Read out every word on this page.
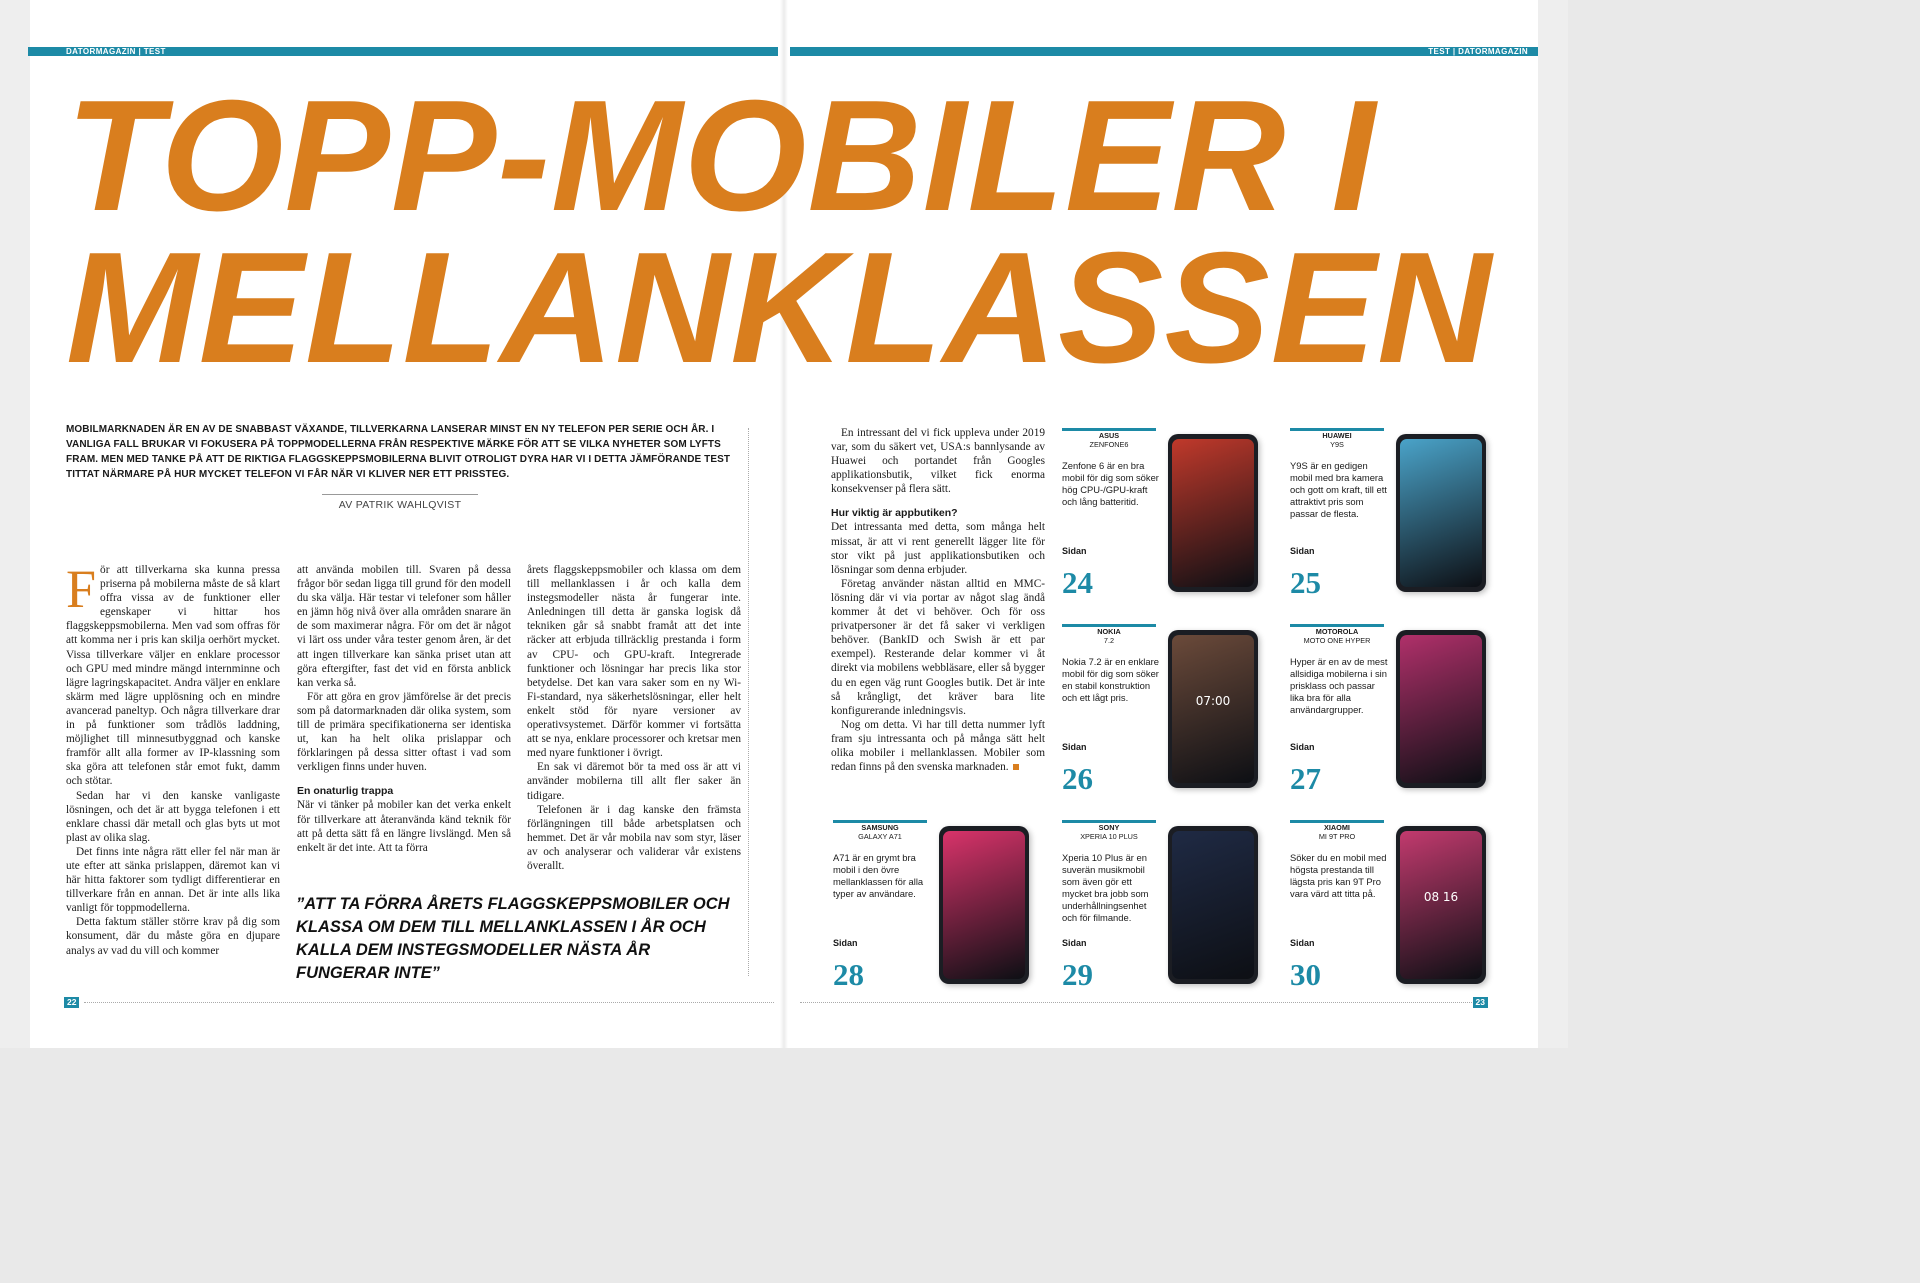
DATORMAGAZIN | TEST	TEST | DATORMAGAZIN
TOPP-MOBILER I
MELLANKLASSEN

MOBILMARKNADEN ÄR EN AV DE SNABBAST VÄXANDE, TILLVERKARNA LANSERAR MINST EN NY TELEFON PER SERIE OCH ÅR. I VANLIGA FALL BRUKAR VI FOKUSERA PÅ TOPPMODELLERNA FRÅN RESPEKTIVE MÄRKE FÖR ATT SE VILKA NYHETER SOM LYFTS FRAM. MEN MED TANKE PÅ ATT DE RIKTIGA FLAGGSKEPPSMOBILERNA BLIVIT OTROLIGT DYRA HAR VI I DETTA JÄMFÖRANDE TEST TITTAT NÄRMARE PÅ HUR MYCKET TELEFON VI FÅR NÄR VI KLIVER NER ETT PRISSTEG.

AV PATRIK WAHLQVIST
F ör att tillverkarna ska kunna pressa priserna på mobilerna måste de så klart offra vissa av de funktioner eller egenskaper vi hittar hos flaggskeppsmobilerna. Men vad som offras för att komma ner i pris kan skilja oerhört mycket. Vissa tillverkare väljer en enklare processor och GPU med mindre mängd internminne och lägre lagringskapacitet. Andra väljer en enklare skärm med lägre upplösning och en mindre avancerad paneltyp. Och några tillverkare drar in på funktioner som trådlös laddning, möjlighet till minnesutbyggnad och kanske framför allt alla former av IP-klassning som ska göra att telefonen står emot fukt, damm och stötar.

Sedan har vi den kanske vanligaste lösningen, och det är att bygga telefonen i ett enklare chassi där metall och glas byts ut mot plast av olika slag.

Det finns inte några rätt eller fel när man är ute efter att sänka prislappen, däremot kan vi här hitta faktorer som tydligt differentierar en tillverkare från en annan. Det är inte alls lika vanligt för toppmodellerna.

Detta faktum ställer större krav på dig som konsument, där du måste göra en djupare analys av vad du vill och kommer

att använda mobilen till. Svaren på dessa frågor bör sedan ligga till grund för den modell du ska välja. Här testar vi telefoner som håller en jämn hög nivå över alla områden snarare än de som maximerar några. För om det är något vi lärt oss under våra tester genom åren, är det att ingen tillverkare kan sänka priset utan att göra eftergifter, fast det vid en första anblick kan verka så.

För att göra en grov jämförelse är det precis som på datormarknaden där olika system, som till de primära specifikationerna ser identiska ut, kan ha helt olika prislappar och förklaringen på dessa sitter oftast i vad som verkligen finns under huven.

En onaturlig trappa

När vi tänker på mobiler kan det verka enkelt för tillverkare att återanvända känd teknik för att på detta sätt få en längre livslängd. Men så enkelt är det inte. Att ta förra

årets flaggskeppsmobiler och klassa om dem till mellanklassen i år och kalla dem instegsmodeller nästa år fungerar inte. Anledningen till detta är ganska logisk då tekniken går så snabbt framåt att det inte räcker att erbjuda tillräcklig prestanda i form av CPU- och GPU-kraft. Integrerade funktioner och lösningar har precis lika stor betydelse. Det kan vara saker som en ny Wi-Fi-standard, nya säkerhetslösningar, eller helt enkelt stöd för nyare versioner av operativsystemet. Därför kommer vi fortsätta att se nya, enklare processorer och kretsar men med nyare funktioner i övrigt.

En sak vi däremot bör ta med oss är att vi använder mobilerna till allt fler saker än tidigare.

Telefonen är i dag kanske den främsta förlängningen till både arbetsplatsen och hemmet. Det är vår mobila nav som styr, läser av och analyserar och validerar vår existens överallt.

”ATT TA FÖRRA ÅRETS FLAGGSKEPPSMOBILER OCH KLASSA OM DEM TILL MELLANKLASSEN I ÅR OCH KALLA DEM INSTEGSMODELLER NÄSTA ÅR FUNGERAR INTE”

En intressant del vi fick uppleva under 2019 var, som du säkert vet, USA:s bannlysande av Huawei och portandet från Googles applikationsbutik, vilket fick enorma konsekvenser på flera sätt.

Hur viktig är appbutiken?

Det intressanta med detta, som många helt missat, är att vi rent generellt lägger lite för stor vikt på just applikationsbutiken och lösningar som denna erbjuder.

Företag använder nästan alltid en MMC-lösning där vi via portar av något slag ändå kommer åt det vi behöver. Och för oss privatpersoner är det få saker vi verkligen behöver. (BankID och Swish är ett par exempel). Resterande delar kommer vi åt direkt via mobilens webbläsare, eller så bygger du en egen väg runt Googles butik. Det är inte så krångligt, det kräver bara lite konfigurerande inledningsvis.

Nog om detta. Vi har till detta nummer lyft fram sju intressanta och på många sätt helt olika mobiler i mellanklassen. Mobiler som redan finns på den svenska marknaden.

ASUS
ZENFONE6
Zenfone 6 är en bra mobil för dig som söker hög CPU-/GPU-kraft och lång batteritid.
Sidan
24
HUAWEI
Y9S
Y9S är en gedigen mobil med bra kamera och gott om kraft, till ett attraktivt pris som passar de flesta.
Sidan
25
NOKIA
7.2
Nokia 7.2 är en enklare mobil för dig som söker en stabil konstruktion och ett lågt pris.
Sidan
26
07:00
MOTOROLA
MOTO ONE HYPER
Hyper är en av de mest allsidiga mobilerna i sin prisklass och passar lika bra för alla användargrupper.
Sidan
27
SAMSUNG
GALAXY A71
A71 är en grymt bra mobil i den övre mellanklassen för alla typer av användare.
Sidan
28
SONY
XPERIA 10 PLUS
Xperia 10 Plus är en suverän musikmobil som även gör ett mycket bra jobb som underhållningsenhet och för filmande.
Sidan
29
XIAOMI
MI 9T PRO
Söker du en mobil med högsta prestanda till lägsta pris kan 9T Pro vara värd att titta på.
Sidan
30
08 16
22	23
